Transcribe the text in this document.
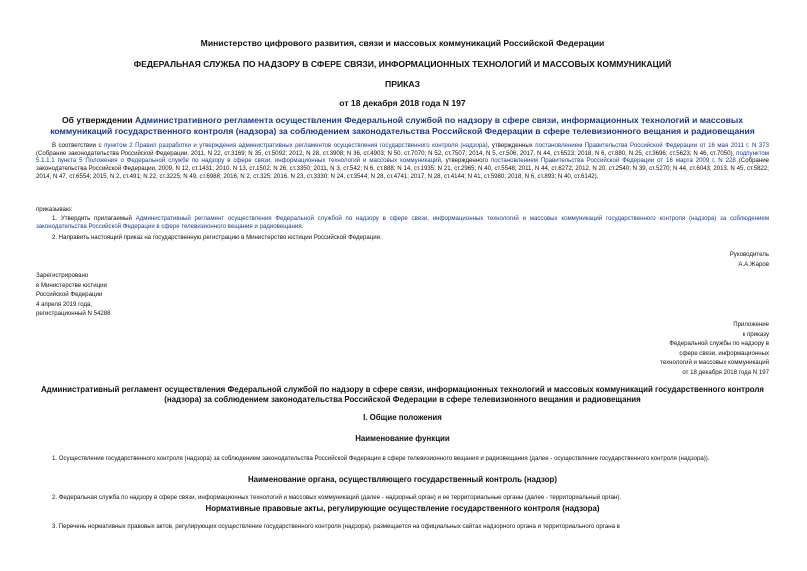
Министерство цифрового развития, связи и массовых коммуникаций Российской Федерации
ФЕДЕРАЛЬНАЯ СЛУЖБА ПО НАДЗОРУ В СФЕРЕ СВЯЗИ, ИНФОРМАЦИОННЫХ ТЕХНОЛОГИЙ И МАССОВЫХ КОММУНИКАЦИЙ
ПРИКАЗ
от 18 декабря 2018 года N 197
Об утверждении Административного регламента осуществления Федеральной службой по надзору в сфере связи, информационных технологий и массовых коммуникаций государственного контроля (надзора) за соблюдением законодательства Российской Федерации в сфере телевизионного вещания и радиовещания
В соответствии с пунктом 2 Правил разработки и утверждения административных регламентов осуществления государственного контроля (надзора), утвержденных постановлением Правительства Российской Федерации от 16 мая 2011 г. N 373 (Собрание законодательства Российской Федерации, 2011, N 22, ст.3169; N 35, ст.5092; 2012, N 28, ст.3908; N 36, ст.4903; N 50, ст.7070; N 52, ст.7507; 2014, N 5, ст.506; 2017, N 44, ст.6523; 2018, N 6, ст.880, N 25, ст.3696; ст.5623; N 46, ст.7050), подпунктом 5.1.1.1 пункта 5 Положения о Федеральной службе по надзору в сфере связи, информационных технологий и массовых коммуникаций, утвержденного постановлением Правительства Российской Федерации от 16 марта 2009 г. N 228 (Собрание законодательства Российской Федерации, 2009, N 12, ст.1431; 2010, N 13, ст.1502; N 26, ст.3350; 2011, N 3, ст.542; N 6, ст.888; N 14, ст.1935; N 21, ст.2965; N 40, ст.5548; 2011, N 44, ст.6272; 2012, N 20, ст.2540; N 39, ст.5270; N 44, ст.6043; 2013, N 45, ст.5822; 2014, N 47, ст.6554; 2015, N 2, ст.491; N 22, ст.3225; N 49, ст.6988; 2016, N 2, ст.325; 2016, N 23, ст.3330; N 24, ст.3544; N 28, ст.4741; 2017, N 28, ст.4144; N 41, ст.5980; 2018, N 6, ст.893; N 40, ст.6142),
приказываю:
1. Утвердить прилагаемый Административный регламент осуществления Федеральной службой по надзору в сфере связи, информационных технологий и массовых коммуникаций государственного контроля (надзора) за соблюдением законодательства Российской Федерации в сфере телевизионного вещания и радиовещания.
2. Направить настоящий приказ на государственную регистрацию в Министерство юстиции Российской Федерации.
Руководитель
А.А.Жаров
Зарегистрировано
в Министерстве юстиции
Российской Федерации
4 апреля 2019 года,
регистрационный N 54288
Приложение
к приказу
Федеральной службы по надзору в
сфере связи, информационных
технологий и массовых коммуникаций
от 18 декабря 2018 года N 197
Административный регламент осуществления Федеральной службой по надзору в сфере связи, информационных технологий и массовых коммуникаций государственного контроля (надзора) за соблюдением законодательства Российской Федерации в сфере телевизионного вещания и радиовещания
I. Общие положения
Наименование функции
1. Осуществление государственного контроля (надзора) за соблюдением законодательства Российской Федерации в сфере телевизионного вещания и радиовещания (далее - осуществление государственного контроля (надзора)).
Наименование органа, осуществляющего государственный контроль (надзор)
2. Федеральная служба по надзору в сфере связи, информационных технологий и массовых коммуникаций (далее - надзорный орган) и ее территориальные органы (далее - территориальный орган).
Нормативные правовые акты, регулирующие осуществление государственного контроля (надзора)
3. Перечень нормативных правовых актов, регулирующих осуществление государственного контроля (надзора), размещается на официальных сайтах надзорного органа и территориального органа в
